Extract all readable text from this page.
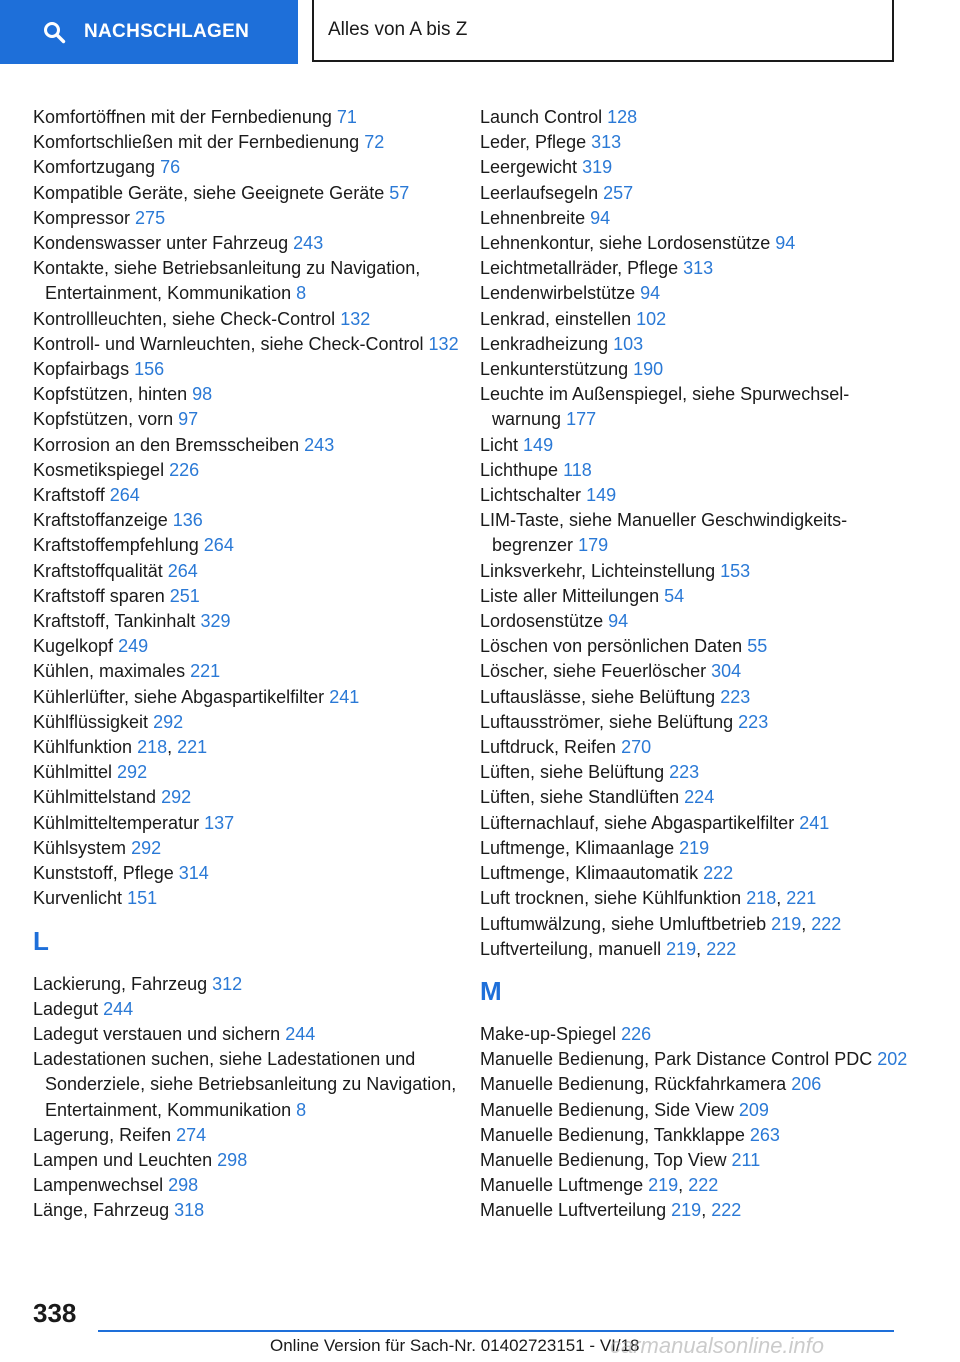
NACHSCHLAGEN	Alles von A bis Z
Komfortöffnen mit der Fernbedienung 71
Komfortschließen mit der Fernbedienung 72
Komfortzugang 76
Kompatible Geräte, siehe Geeignete Geräte 57
Kompressor 275
Kondenswasser unter Fahrzeug 243
Kontakte, siehe Betriebsanleitung zu Navigation, Entertainment, Kommunikation 8
Kontrollleuchten, siehe Check-Control 132
Kontroll- und Warnleuchten, siehe Check-Control 132
Kopfairbags 156
Kopfstützen, hinten 98
Kopfstützen, vorn 97
Korrosion an den Bremsscheiben 243
Kosmetikspiegel 226
Kraftstoff 264
Kraftstoffanzeige 136
Kraftstoffempfehlung 264
Kraftstoffqualität 264
Kraftstoff sparen 251
Kraftstoff, Tankinhalt 329
Kugelkopf 249
Kühlen, maximales 221
Kühlerlüfter, siehe Abgaspartikelfilter 241
Kühlflüssigkeit 292
Kühlfunktion 218, 221
Kühlmittel 292
Kühlmittelstand 292
Kühlmitteltemperatur 137
Kühlsystem 292
Kunststoff, Pflege 314
Kurvenlicht 151
L
Lackierung, Fahrzeug 312
Ladegut 244
Ladegut verstauen und sichern 244
Ladestationen suchen, siehe Ladestationen und Sonderziele, siehe Betriebsanleitung zu Navigation, Entertainment, Kommunikation 8
Lagerung, Reifen 274
Lampen und Leuchten 298
Lampenwechsel 298
Länge, Fahrzeug 318
Launch Control 128
Leder, Pflege 313
Leergewicht 319
Leerlaufsegeln 257
Lehnenbreite 94
Lehnenkontur, siehe Lordosenstütze 94
Leichtmetallräder, Pflege 313
Lendenwirbelstütze 94
Lenkrad, einstellen 102
Lenkradheizung 103
Lenkunterstützung 190
Leuchte im Außenspiegel, siehe Spurwechselwarnung 177
Licht 149
Lichthupe 118
Lichtschalter 149
LIM-Taste, siehe Manueller Geschwindigkeitsbegrenzer 179
Linksverkehr, Lichteinstellung 153
Liste aller Mitteilungen 54
Lordosenstütze 94
Löschen von persönlichen Daten 55
Löscher, siehe Feuerlöscher 304
Luftauslässe, siehe Belüftung 223
Luftausströmer, siehe Belüftung 223
Luftdruck, Reifen 270
Lüften, siehe Belüftung 223
Lüften, siehe Standlüften 224
Lüfternachlauf, siehe Abgaspartikelfilter 241
Luftmenge, Klimaanlage 219
Luftmenge, Klimaautomatik 222
Luft trocknen, siehe Kühlfunktion 218, 221
Luftumwälzung, siehe Umluftbetrieb 219, 222
Luftverteilung, manuell 219, 222
M
Make-up-Spiegel 226
Manuelle Bedienung, Park Distance Control PDC 202
Manuelle Bedienung, Rückfahrkamera 206
Manuelle Bedienung, Side View 209
Manuelle Bedienung, Tankklappe 263
Manuelle Bedienung, Top View 211
Manuelle Luftmenge 219, 222
Manuelle Luftverteilung 219, 222
338
Online Version für Sach-Nr. 01402723151 - VI/18
carmanualsonline.info
